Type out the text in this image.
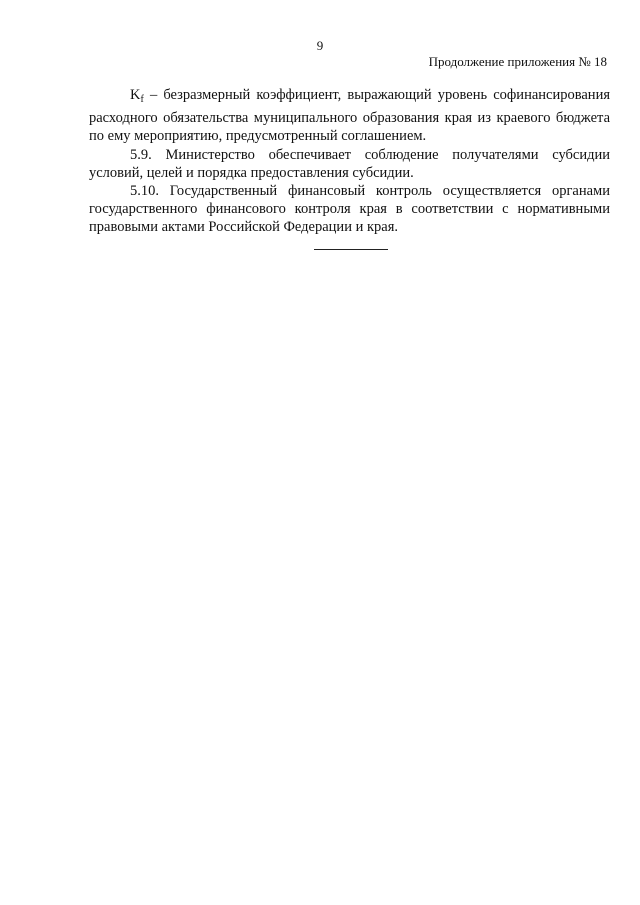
9
Продолжение приложения № 18

$K_f$ – безразмерный коэффициент, выражающий уровень софинансирования расходного обязательства муниципального образования края из краевого бюджета по ему мероприятию, предусмотренный соглашением.

5.9. Министерство обеспечивает соблюдение получателями субсидии условий, целей и порядка предоставления субсидии.

5.10. Государственный финансовый контроль осуществляется органами государственного финансового контроля края в соответствии с нормативными правовыми актами Российской Федерации и края.
